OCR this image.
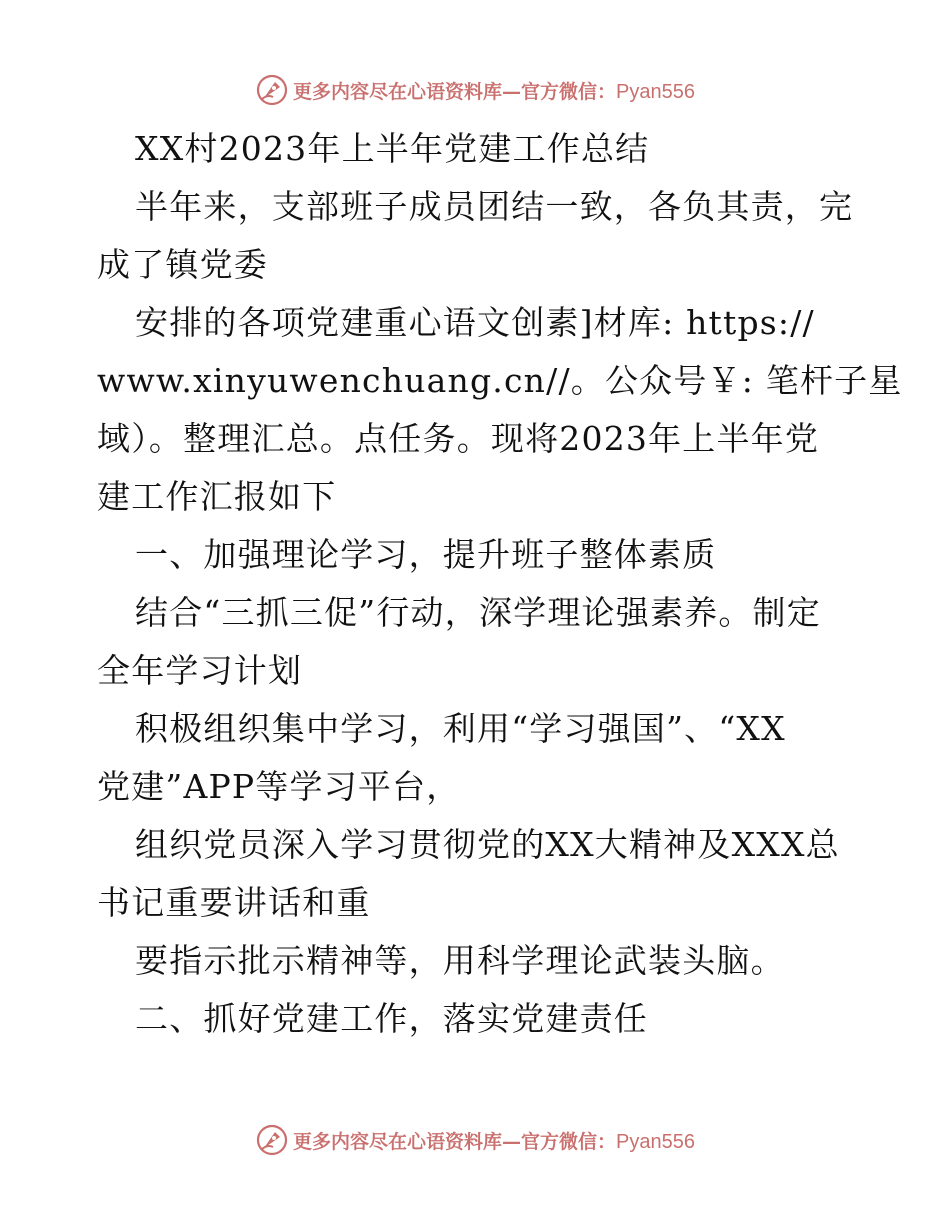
更多内容尽在心语资料库—官方微信：Pyan556
XX村2023年上半年党建工作总结
半年来，支部班子成员团结一致，各负其责，完
成了镇党委
安排的各项党建重心语文创素]材库: https://
www.xinyuwenchuang.cn//。公众号￥: 笔杆子星
域）。整理汇总。点任务。现将2023年上半年党
建工作汇报如下
一、加强理论学习，提升班子整体素质
结合“三抓三促”行动，深学理论强素养。制定
全年学习计划
积极组织集中学习，利用“学习强国”、“XX
党建”APP等学习平台，
组织党员深入学习贯彻党的XX大精神及XXX总
书记重要讲话和重
要指示批示精神等，用科学理论武装头脑。
二、抓好党建工作，落实党建责任
更多内容尽在心语资料库—官方微信：Pyan556
